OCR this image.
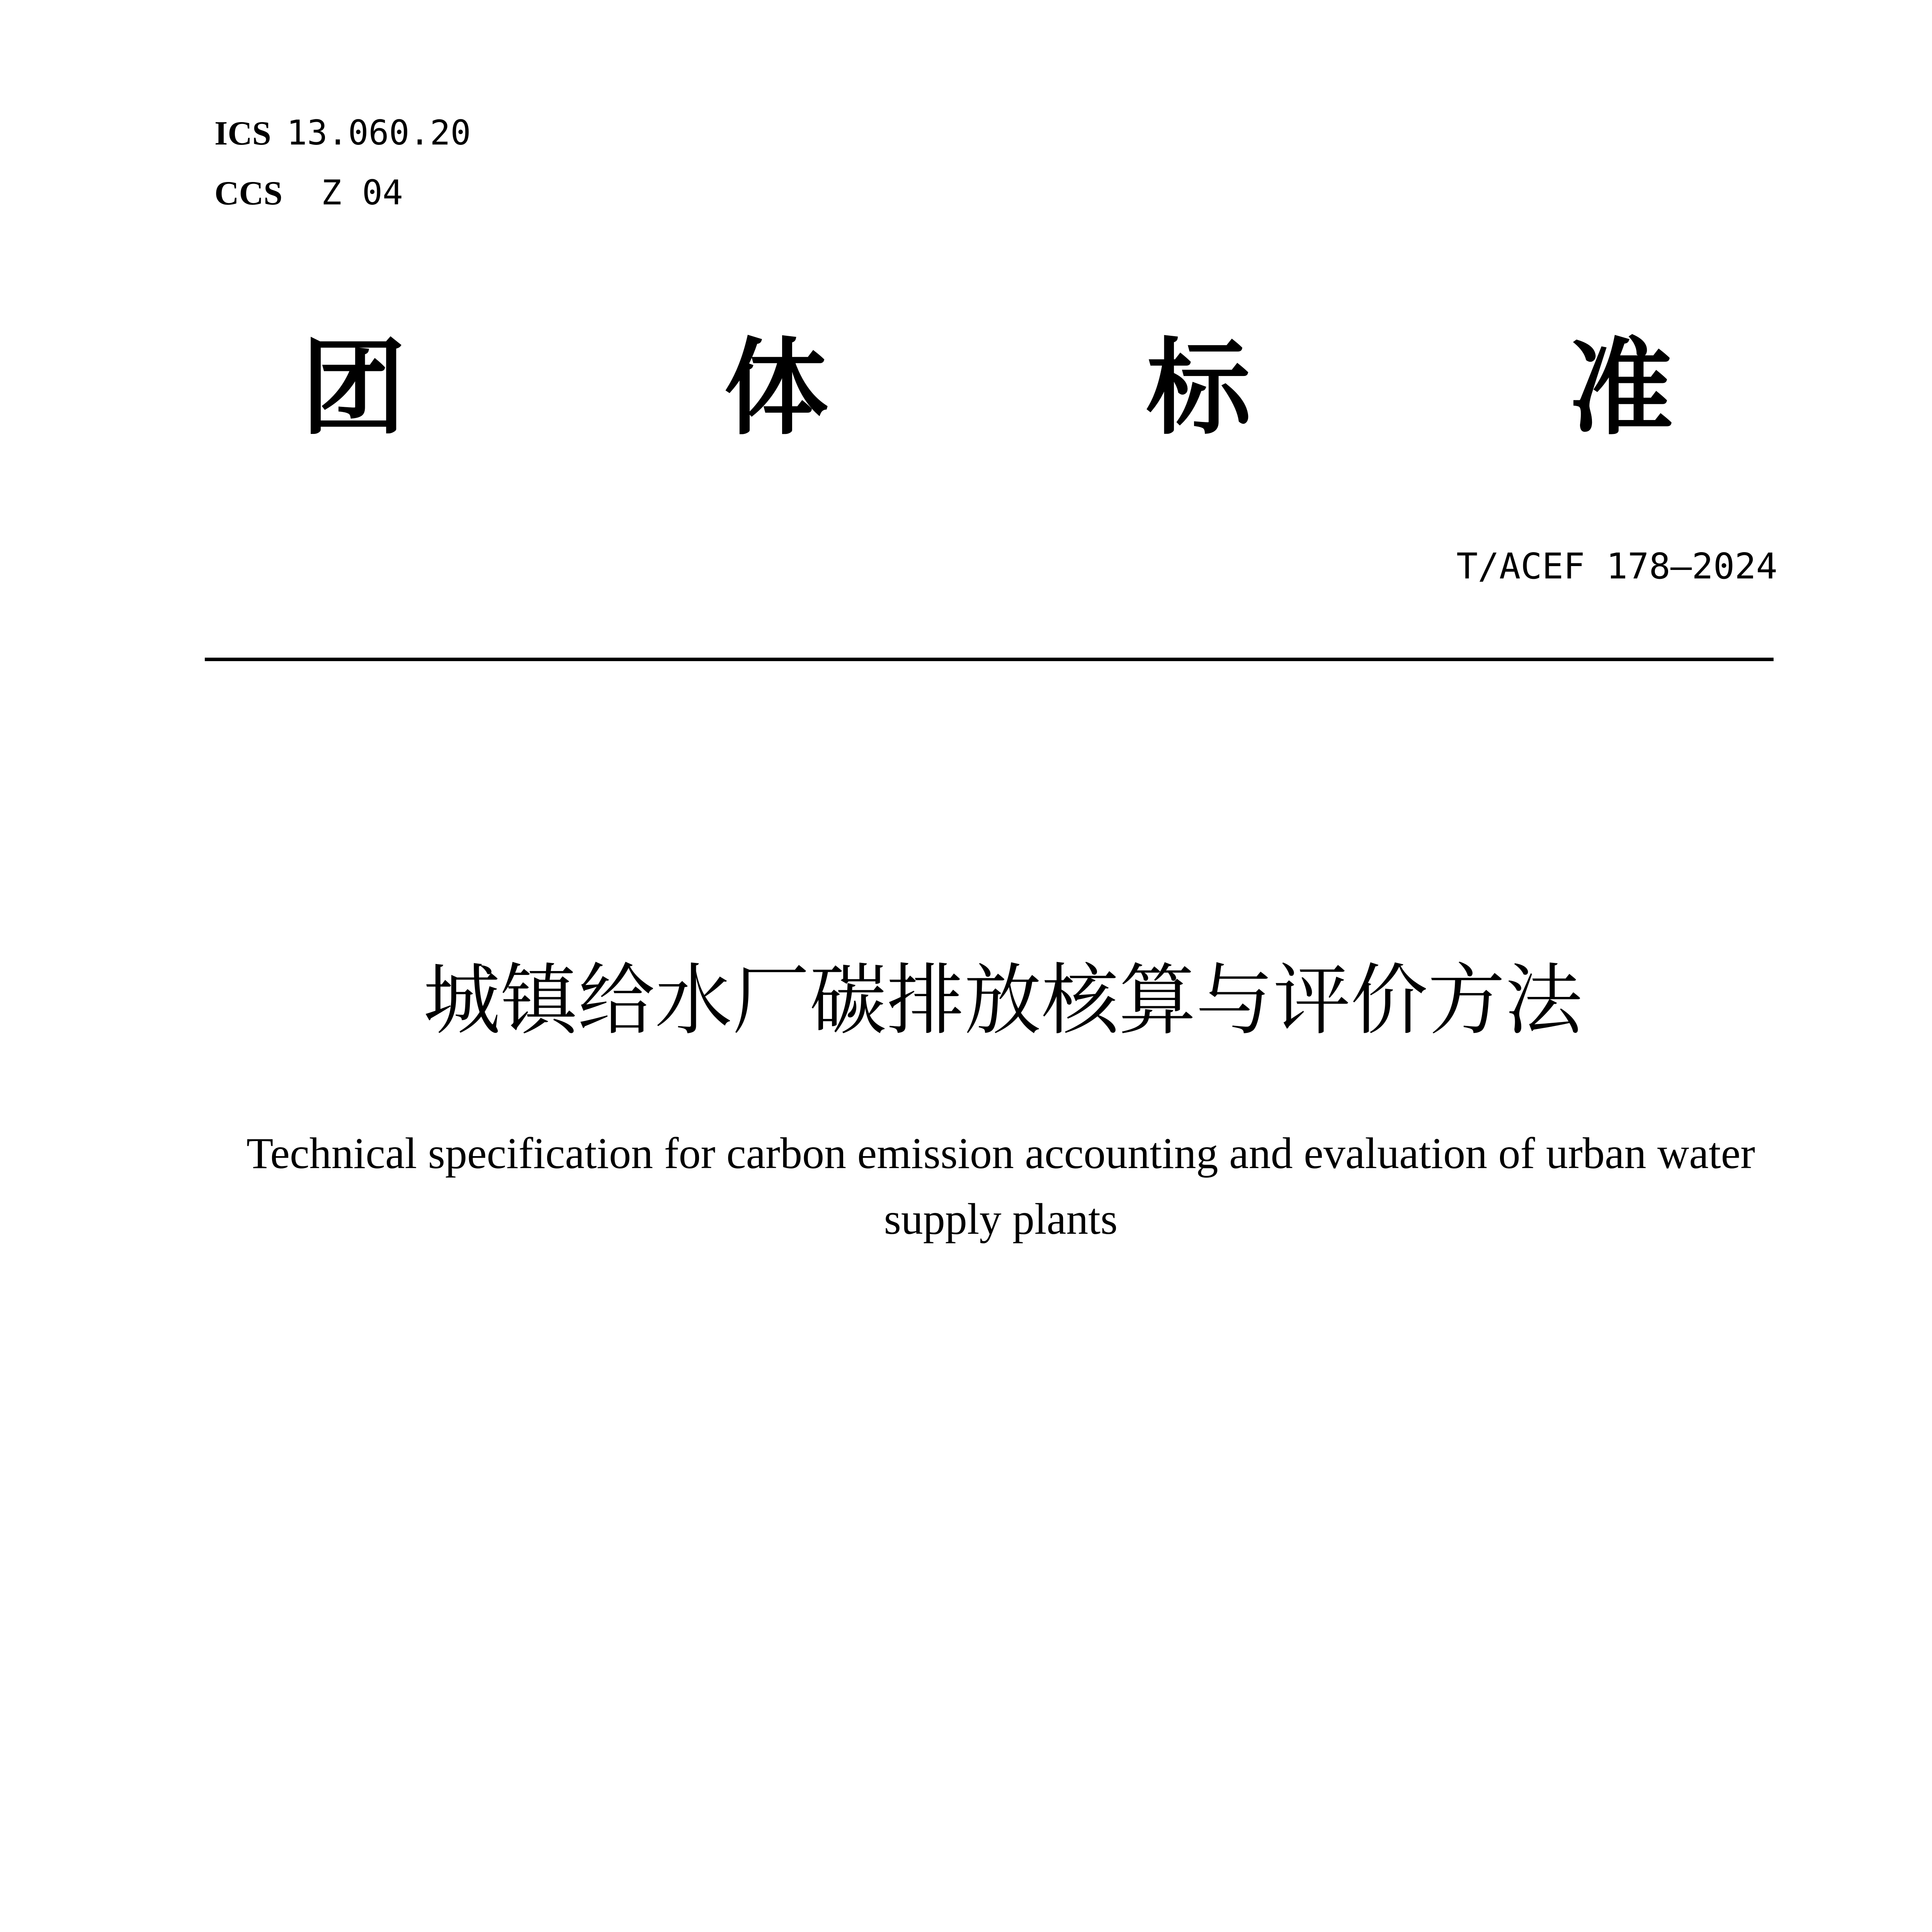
ICS 13.060.20
CCS Z 04
团	体	标	准
T/ACEF 178—2024
城镇给水厂碳排放核算与评价方法
Technical specification for carbon emission accounting and evaluation of urban water supply plants
